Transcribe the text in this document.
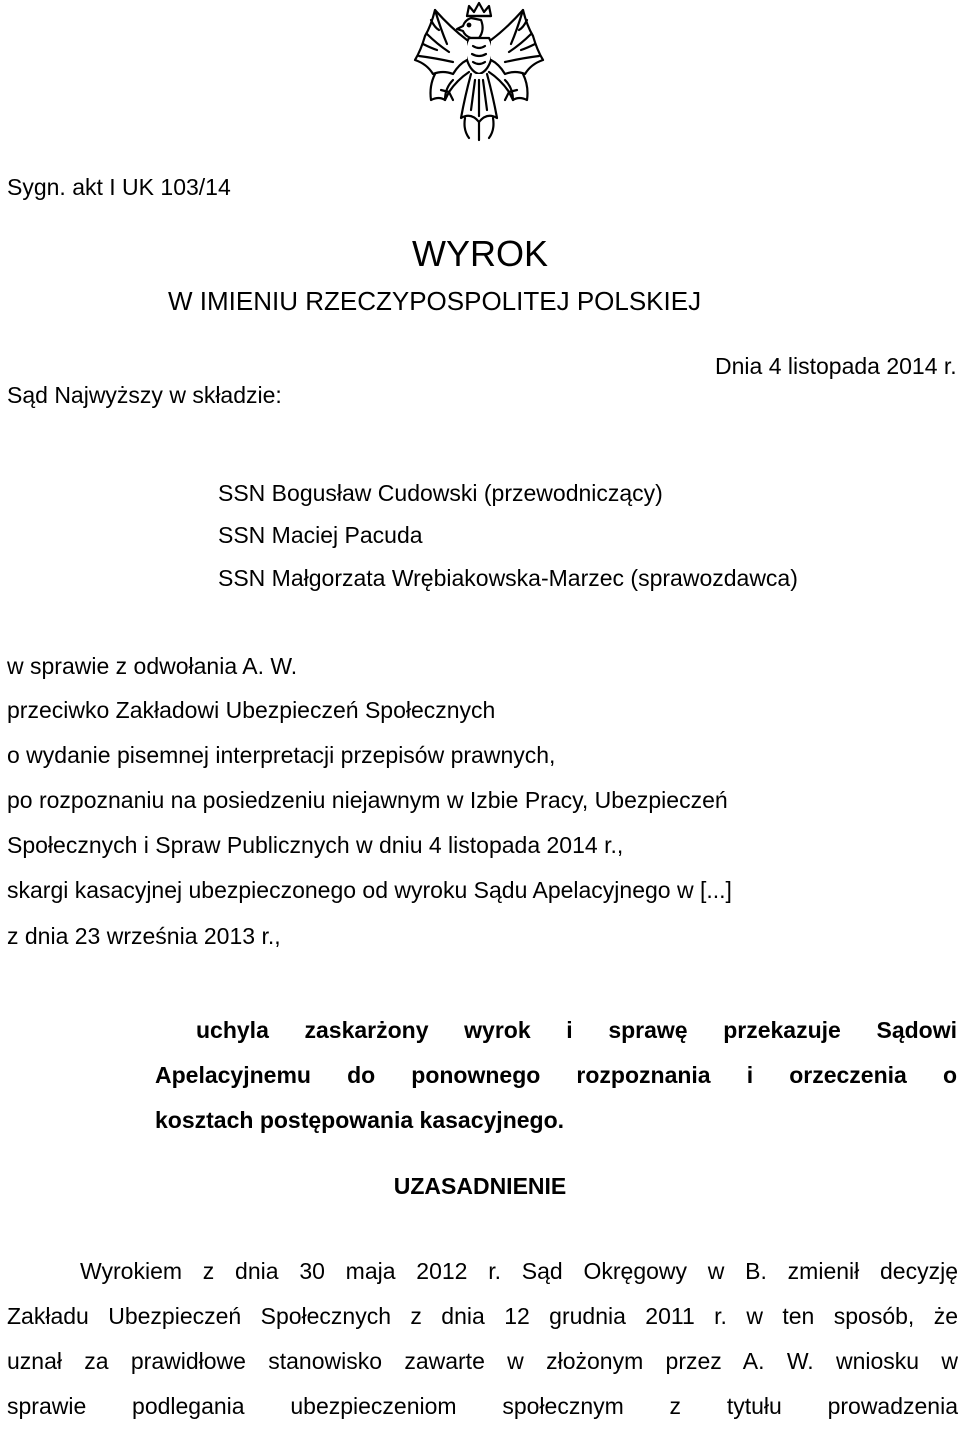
Sygn. akt I UK 103/14
WYROK
W IMIENIU RZECZYPOSPOLITEJ POLSKIEJ
Dnia 4 listopada 2014 r.
Sąd Najwyższy w składzie:
SSN Bogusław Cudowski (przewodniczący)
SSN Maciej Pacuda
SSN Małgorzata Wrębiakowska-Marzec (sprawozdawca)
w sprawie z odwołania A. W.
przeciwko Zakładowi Ubezpieczeń Społecznych
o wydanie pisemnej interpretacji przepisów prawnych,
po rozpoznaniu na posiedzeniu niejawnym w Izbie Pracy, Ubezpieczeń
Społecznych i Spraw Publicznych w dniu 4 listopada 2014 r.,
skargi kasacyjnej ubezpieczonego od wyroku Sądu Apelacyjnego w [...]
z dnia 23 września 2013 r.,
uchyla zaskarżony wyrok i sprawę przekazuje Sądowi
Apelacyjnemu do ponownego rozpoznania i orzeczenia o
kosztach postępowania kasacyjnego.
UZASADNIENIE
Wyrokiem z dnia 30 maja 2012 r. Sąd Okręgowy w B. zmienił decyzję
Zakładu Ubezpieczeń Społecznych z dnia 12 grudnia 2011 r. w ten sposób, że
uznał za prawidłowe stanowisko zawarte w złożonym przez A. W. wniosku w
sprawie podlegania ubezpieczeniom społecznym z tytułu prowadzenia
